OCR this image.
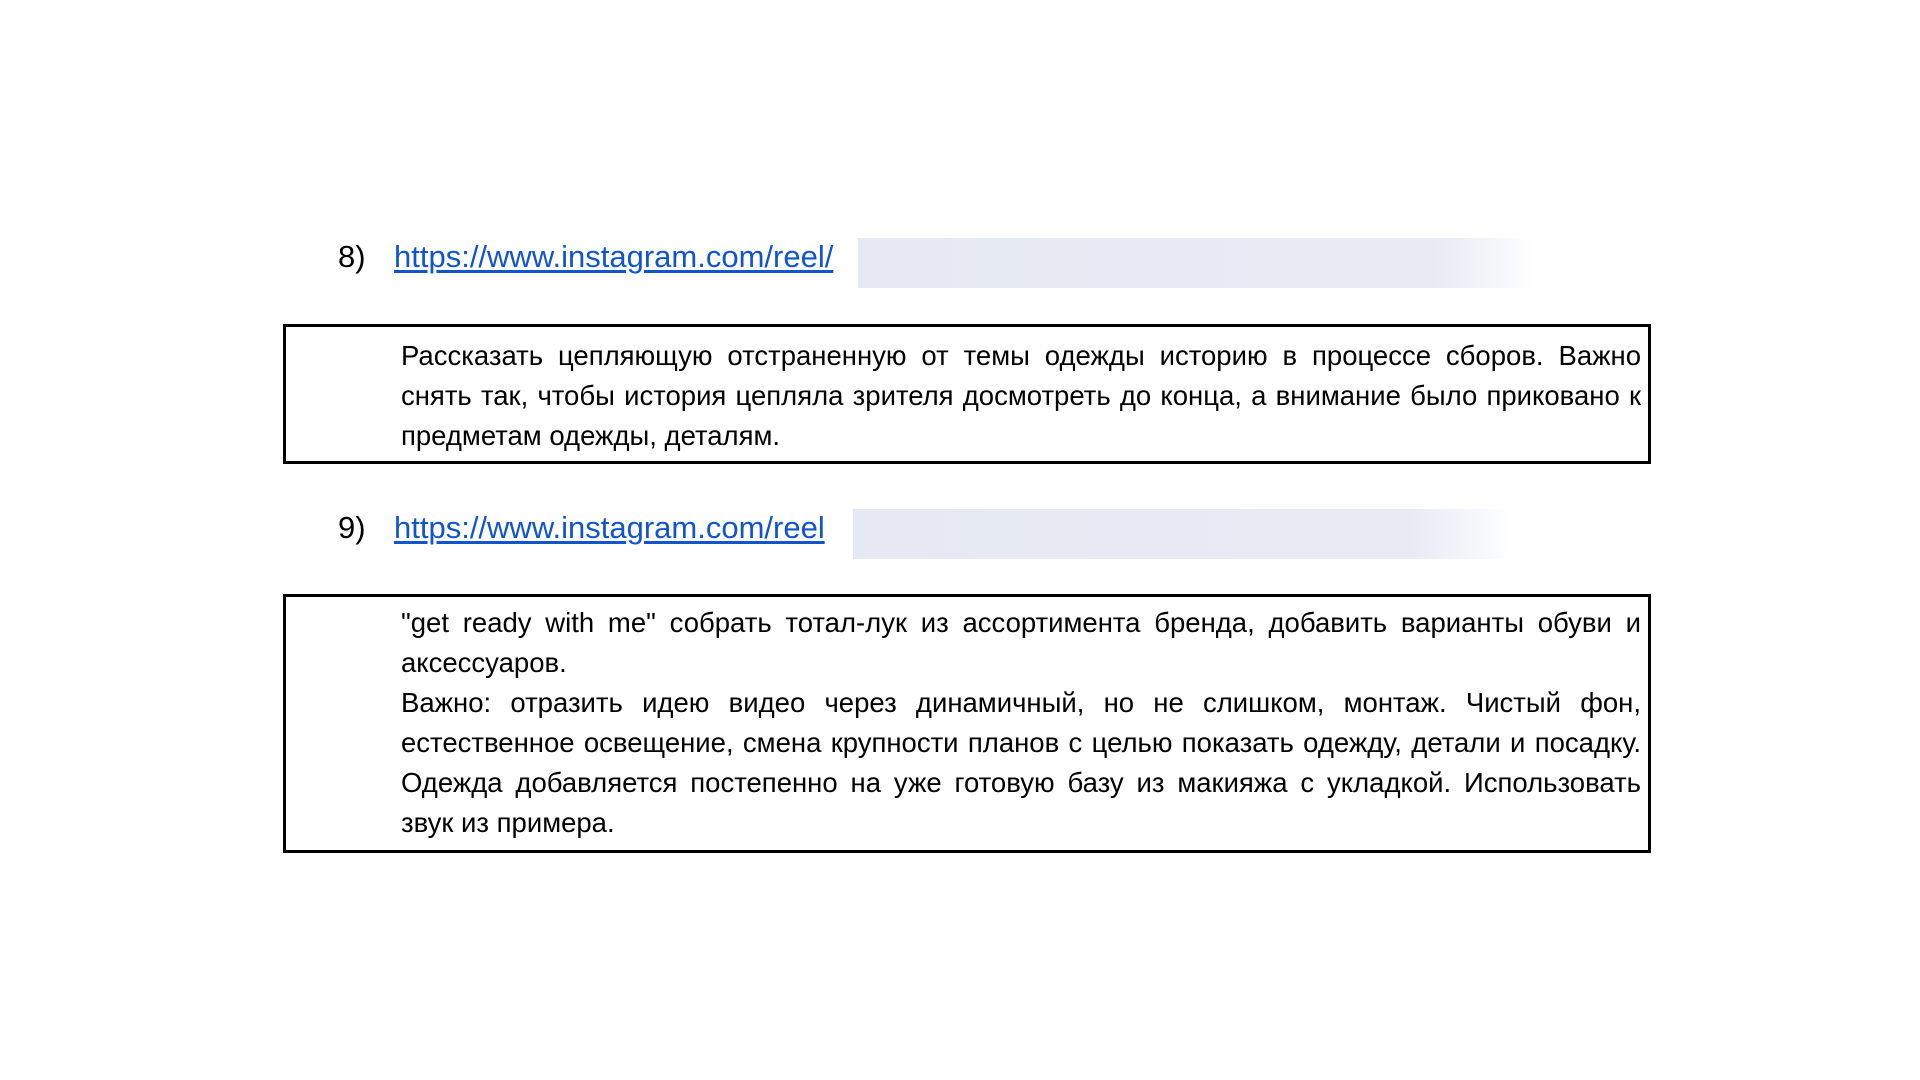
8) https://www.instagram.com/reel/

Рассказать цепляющую отстраненную от темы одежды историю в процессе сборов. Важно снять так, чтобы история цепляла зрителя досмотреть до конца, а внимание было приковано к предметам одежды, деталям.

9) https://www.instagram.com/reel

"get ready with me" собрать тотал-лук из ассортимента бренда, добавить варианты обуви и аксессуаров.

Важно: отразить идею видео через динамичный, но не слишком, монтаж. Чистый фон, естественное освещение, смена крупности планов с целью показать одежду, детали и посадку. Одежда добавляется постепенно на уже готовую базу из макияжа с укладкой. Использовать звук из примера.
